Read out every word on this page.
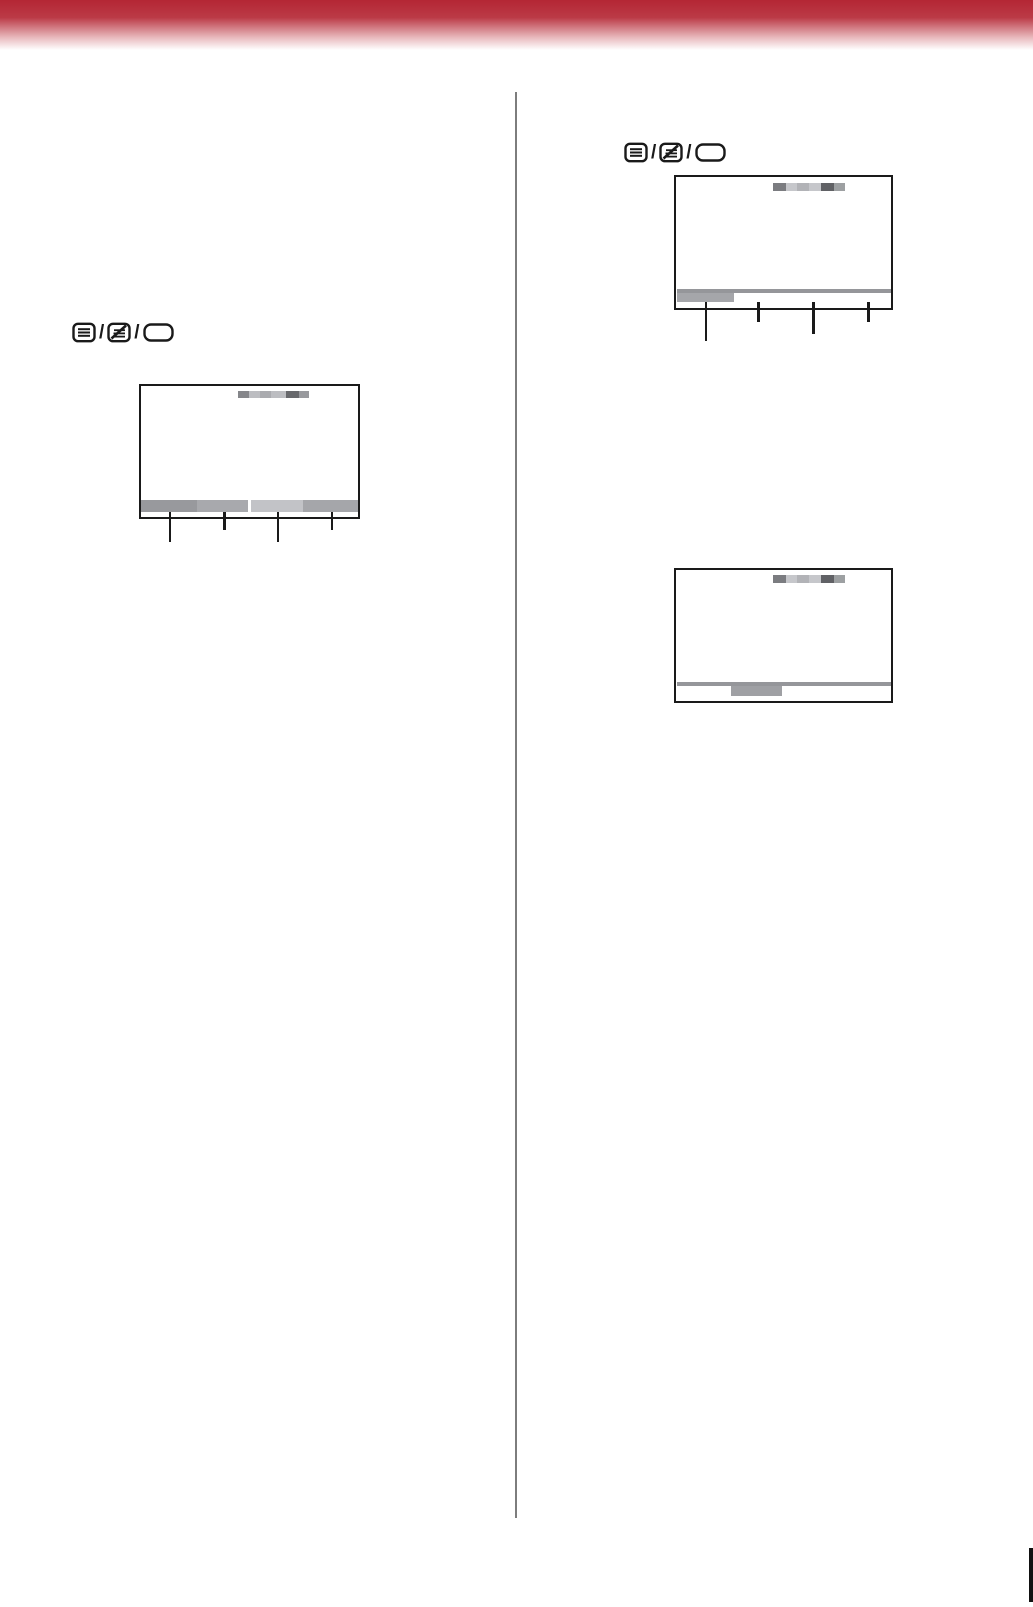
/ /
/ /
